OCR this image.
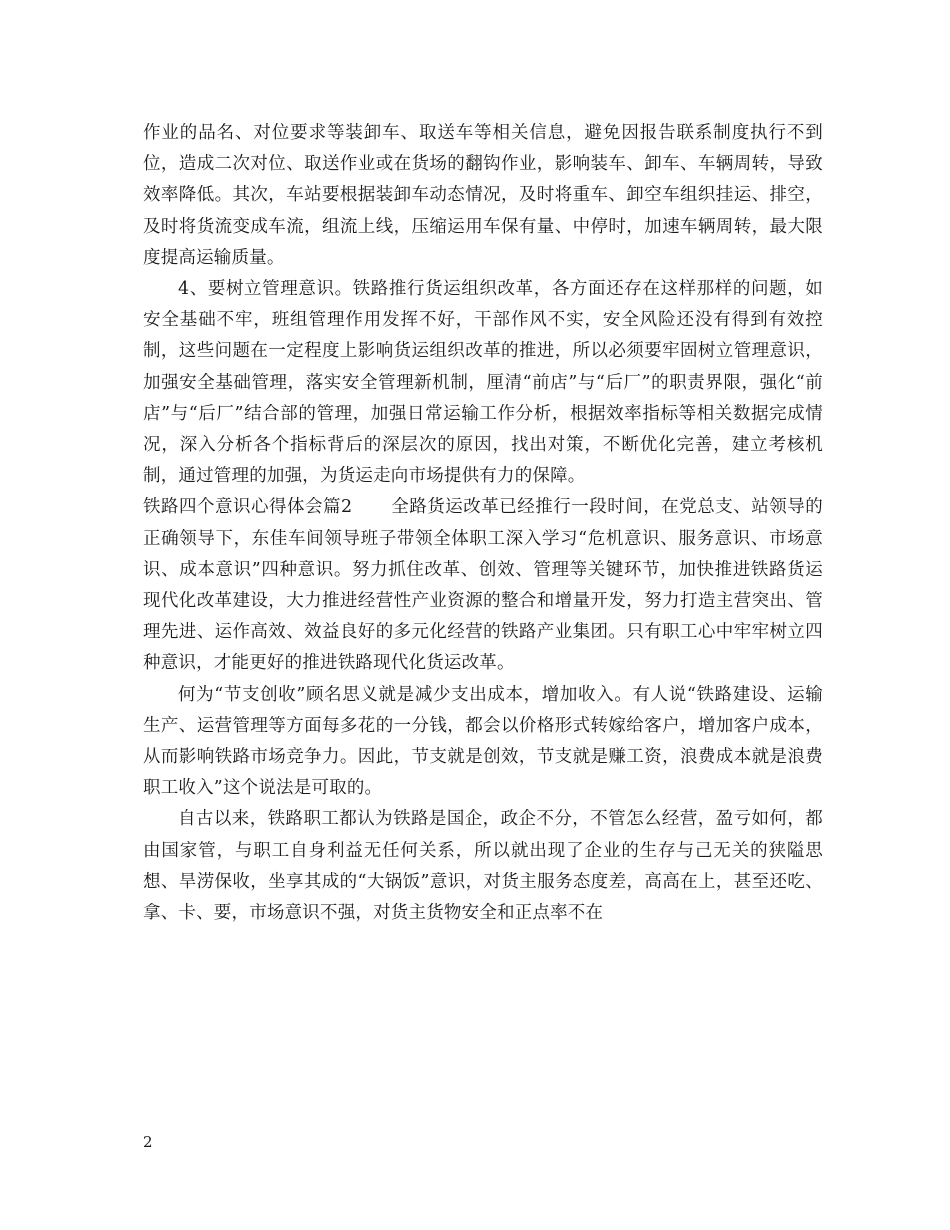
作业的品名、对位要求等装卸车、取送车等相关信息，避免因报告联系制度执行不到位，造成二次对位、取送作业或在货场的翻钩作业，影响装车、卸车、车辆周转，导致效率降低。其次，车站要根据装卸车动态情况，及时将重车、卸空车组织挂运、排空，及时将货流变成车流，组流上线，压缩运用车保有量、中停时，加速车辆周转，最大限度提高运输质量。

4、要树立管理意识。铁路推行货运组织改革，各方面还存在这样那样的问题，如安全基础不牢，班组管理作用发挥不好，干部作风不实，安全风险还没有得到有效控制，这些问题在一定程度上影响货运组织改革的推进，所以必须要牢固树立管理意识，加强安全基础管理，落实安全管理新机制，厘清“前店”与“后厂”的职责界限，强化“前店”与“后厂”结合部的管理，加强日常运输工作分析，根据效率指标等相关数据完成情况，深入分析各个指标背后的深层次的原因，找出对策，不断优化完善，建立考核机制，通过管理的加强，为货运走向市场提供有力的保障。

铁路四个意识心得体会篇2 全路货运改革已经推行一段时间，在党总支、站领导的正确领导下，东佳车间领导班子带领全体职工深入学习“危机意识、服务意识、市场意识、成本意识”四种意识。努力抓住改革、创效、管理等关键环节，加快推进铁路货运现代化改革建设，大力推进经营性产业资源的整合和增量开发，努力打造主营突出、管理先进、运作高效、效益良好的多元化经营的铁路产业集团。只有职工心中牢牢树立四种意识，才能更好的推进铁路现代化货运改革。

何为“节支创收”顾名思义就是减少支出成本，增加收入。有人说“铁路建设、运输生产、运营管理等方面每多花的一分钱，都会以价格形式转嫁给客户，增加客户成本，从而影响铁路市场竞争力。因此，节支就是创效，节支就是赚工资，浪费成本就是浪费职工收入”这个说法是可取的。

自古以来，铁路职工都认为铁路是国企，政企不分，不管怎么经营，盈亏如何，都由国家管，与职工自身利益无任何关系，所以就出现了企业的生存与己无关的狭隘思想、旱涝保收，坐享其成的“大锅饭”意识，对货主服务态度差，高高在上，甚至还吃、拿、卡、要，市场意识不强，对货主货物安全和正点率不在

2
